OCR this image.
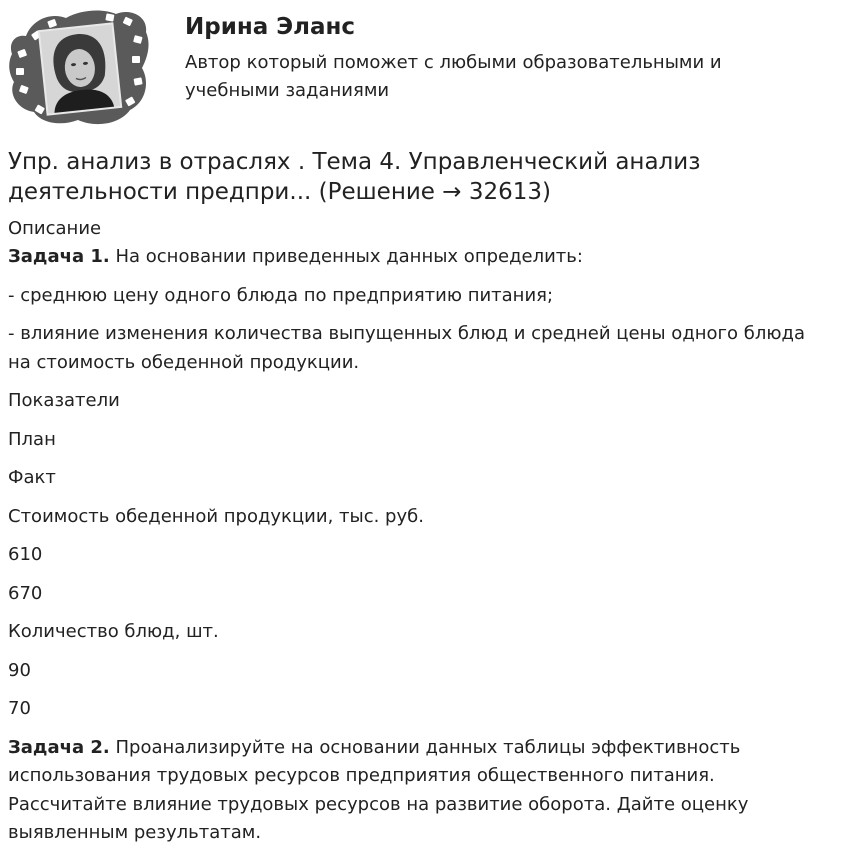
Ирина Эланс
Автор который поможет с любыми образовательными и учебными заданиями
Упр. анализ в отраслях . Тема 4. Управленческий анализ деятельности предпри... (Решение → 32613)

Описание

Задача 1. На основании приведенных данных определить:

- среднюю цену одного блюда по предприятию питания;

- влияние изменения количества выпущенных блюд и средней цены одного блюда на стоимость обеденной продукции.

Показатели

План

Факт

Стоимость обеденной продукции, тыс. руб.

610

670

Количество блюд, шт.

90

70

Задача 2. Проанализируйте на основании данных таблицы эффективность использования трудовых ресурсов предприятия общественного питания. Рассчитайте влияние трудовых ресурсов на развитие оборота. Дайте оценку выявленным результатам.
